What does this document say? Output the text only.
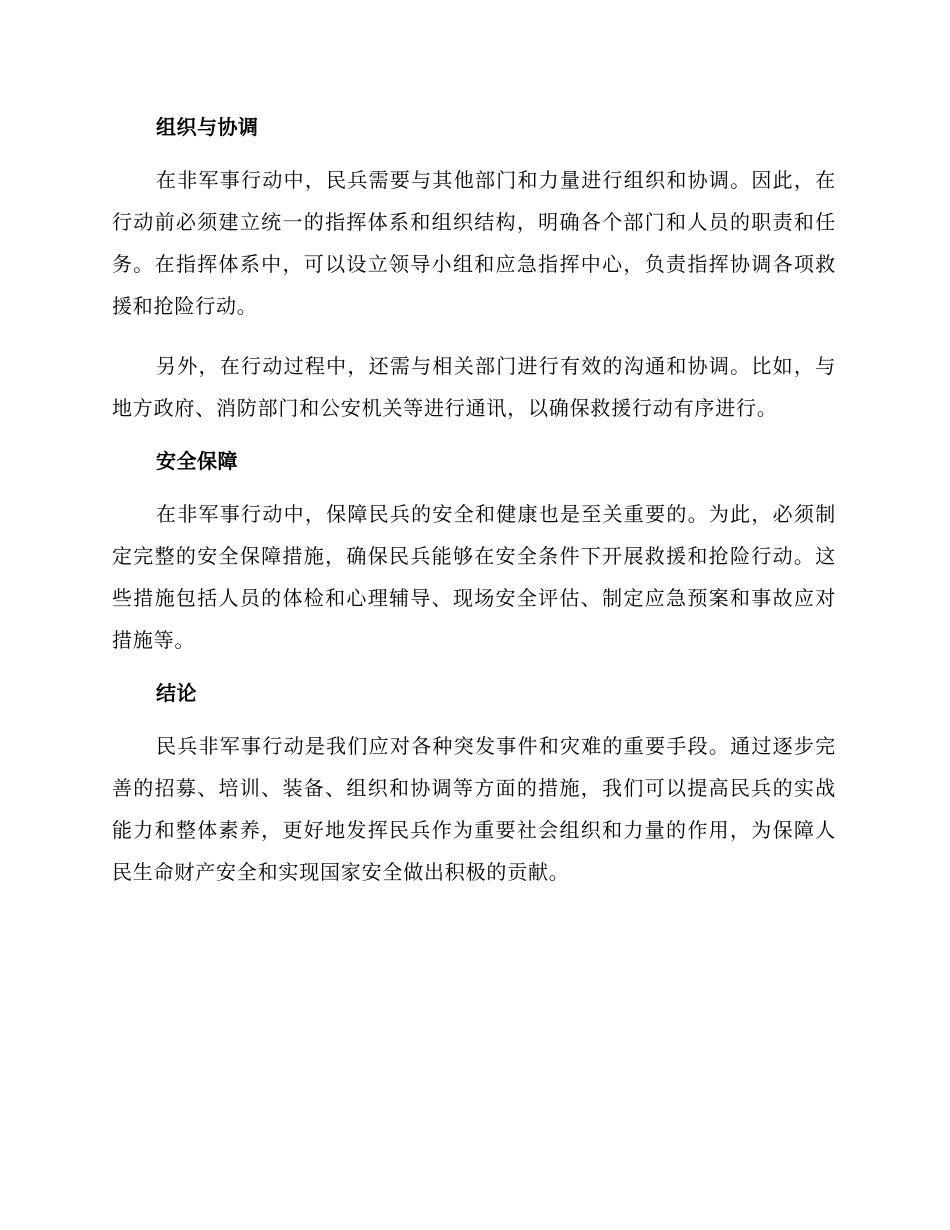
组织与协调

在非军事行动中，民兵需要与其他部门和力量进行组织和协调。因此，在行动前必须建立统一的指挥体系和组织结构，明确各个部门和人员的职责和任务。在指挥体系中，可以设立领导小组和应急指挥中心，负责指挥协调各项救援和抢险行动。

另外，在行动过程中，还需与相关部门进行有效的沟通和协调。比如，与地方政府、消防部门和公安机关等进行通讯，以确保救援行动有序进行。

安全保障

在非军事行动中，保障民兵的安全和健康也是至关重要的。为此，必须制定完整的安全保障措施，确保民兵能够在安全条件下开展救援和抢险行动。这些措施包括人员的体检和心理辅导、现场安全评估、制定应急预案和事故应对措施等。

结论

民兵非军事行动是我们应对各种突发事件和灾难的重要手段。通过逐步完善的招募、培训、装备、组织和协调等方面的措施，我们可以提高民兵的实战能力和整体素养，更好地发挥民兵作为重要社会组织和力量的作用，为保障人民生命财产安全和实现国家安全做出积极的贡献。
